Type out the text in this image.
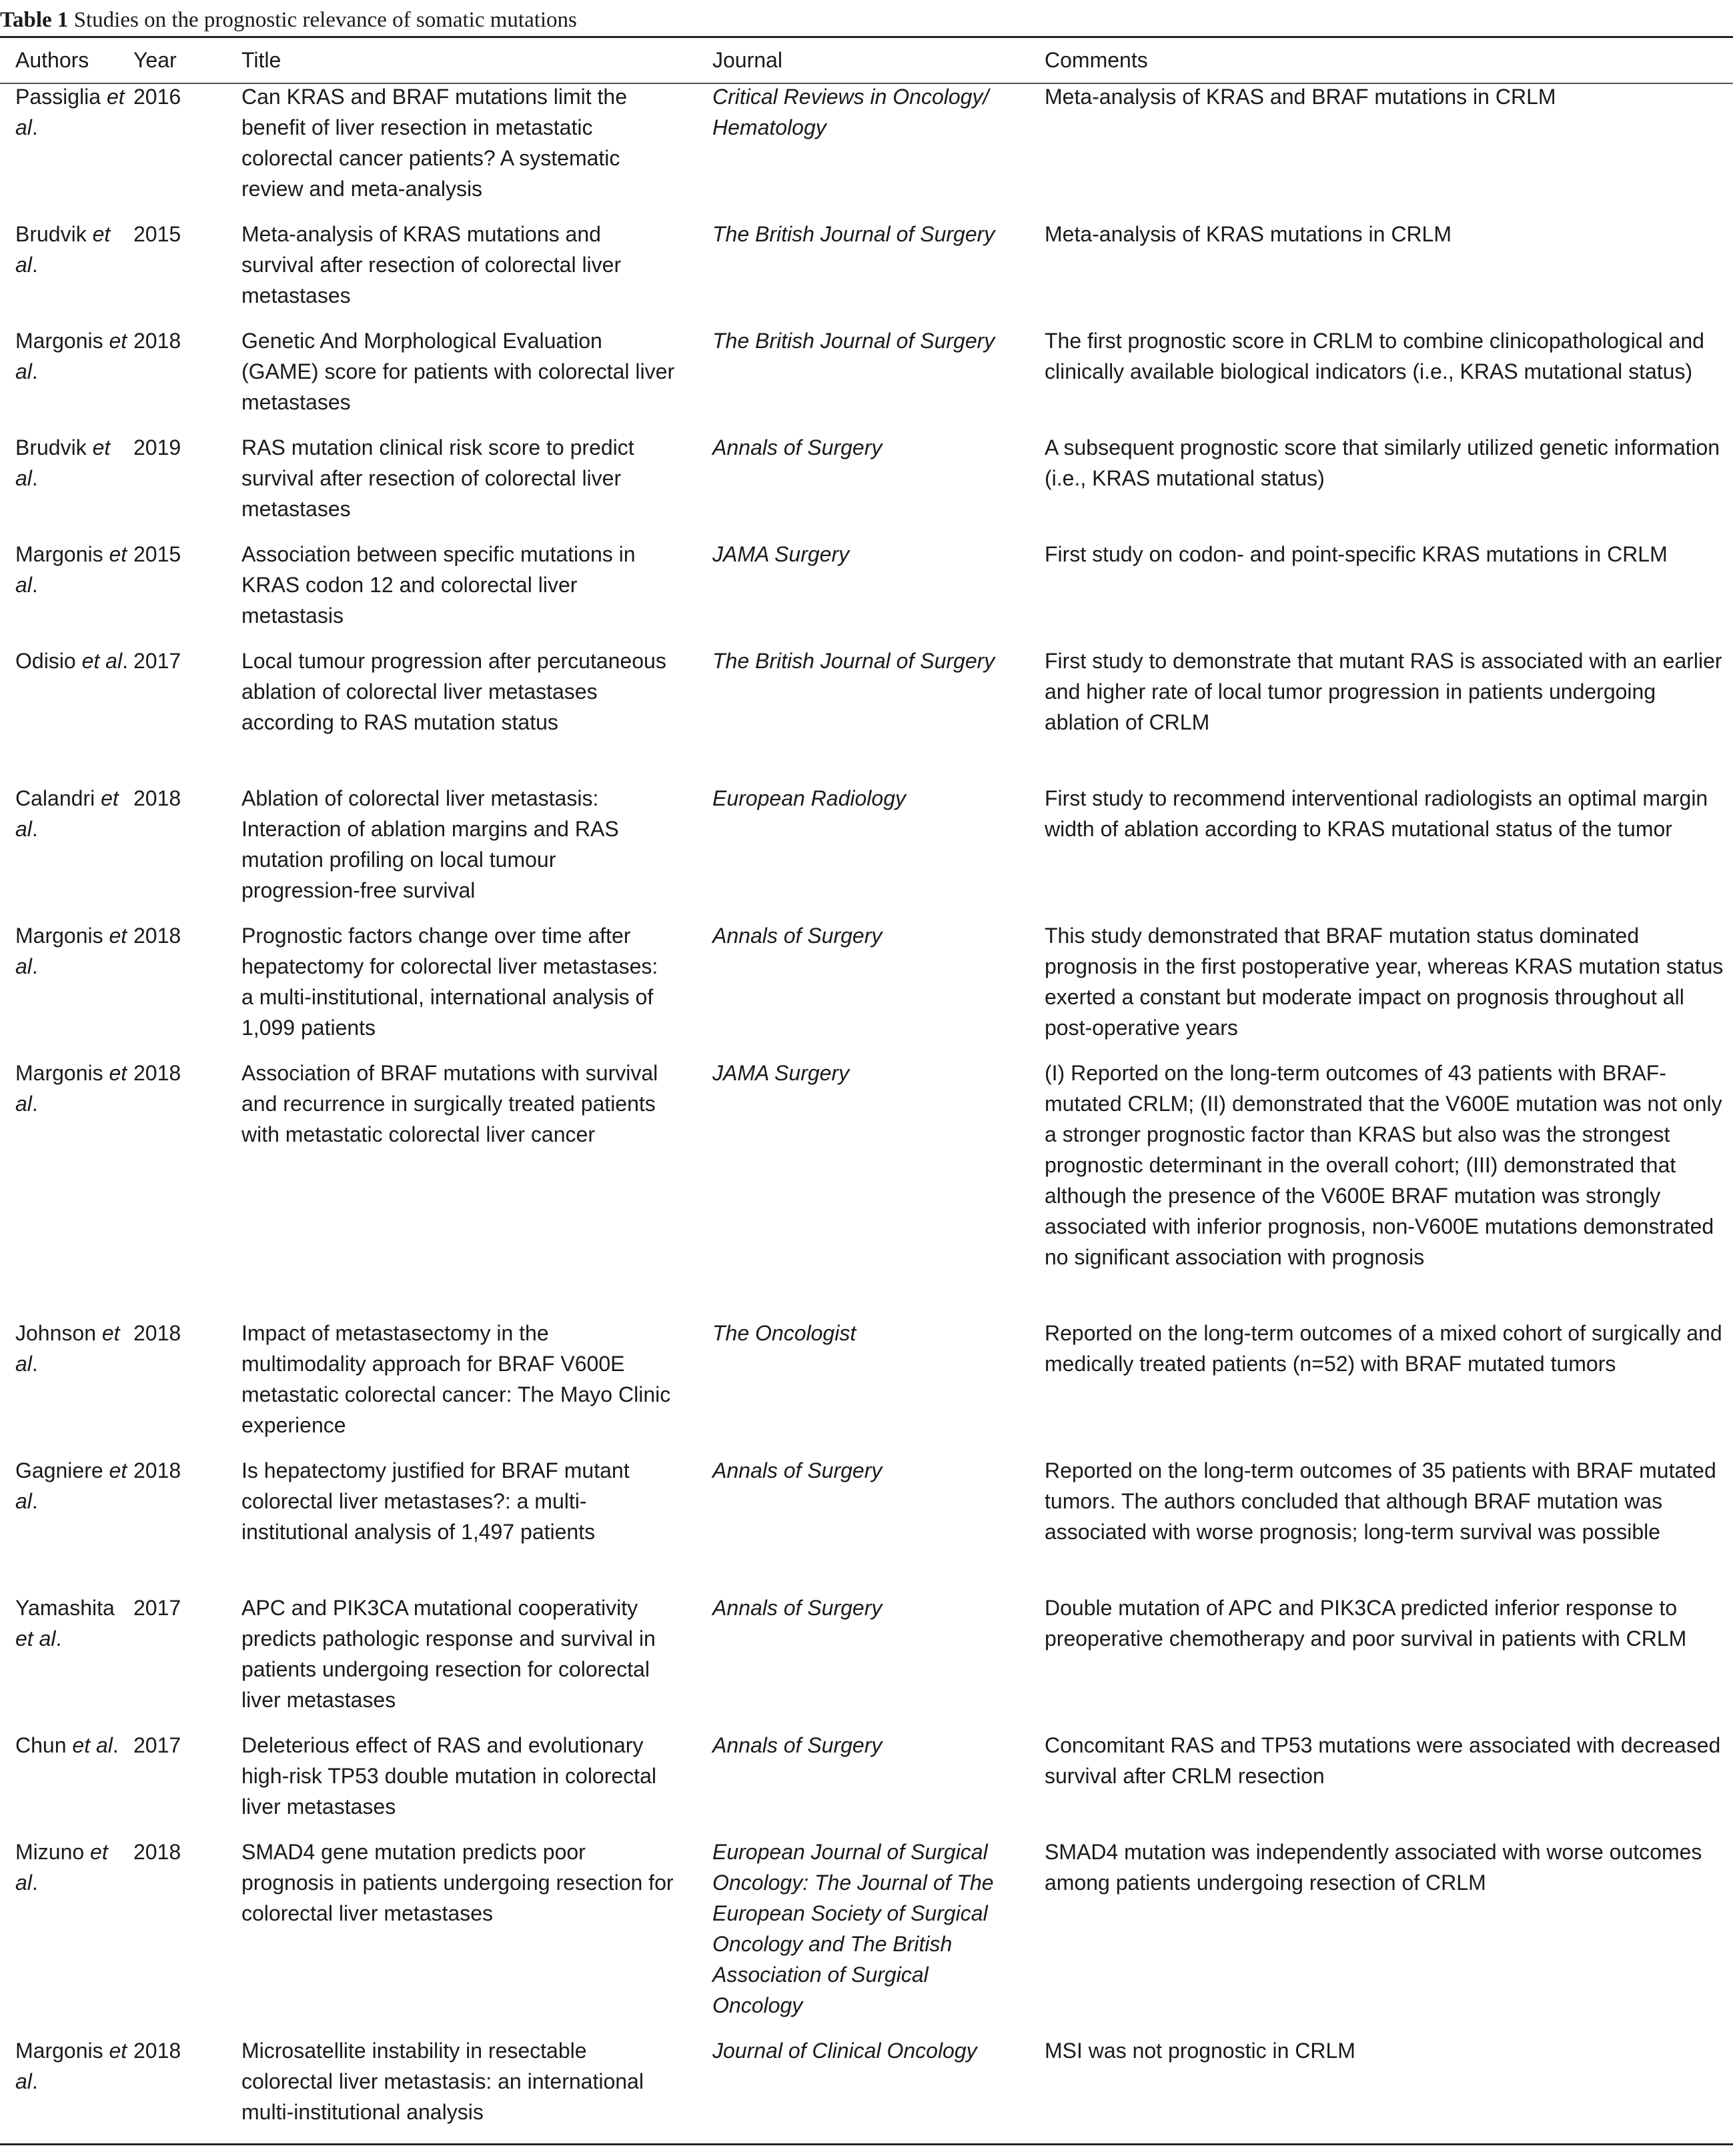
Table 1 Studies on the prognostic relevance of somatic mutations
Authors	Year	Title	Journal	Comments
Passiglia et al.	2016	Can KRAS and BRAF mutations limit the benefit of liver resection in metastatic colorectal cancer patients? A systematic review and meta-analysis	Critical Reviews in Oncology/ Hematology	Meta-analysis of KRAS and BRAF mutations in CRLM
Brudvik et al.	2015	Meta-analysis of KRAS mutations and survival after resection of colorectal liver metastases	The British Journal of Surgery	Meta-analysis of KRAS mutations in CRLM
Margonis et al.	2018	Genetic And Morphological Evaluation (GAME) score for patients with colorectal liver metastases	The British Journal of Surgery	The first prognostic score in CRLM to combine clinicopathological and clinically available biological indicators (i.e., KRAS mutational status)
Brudvik et al.	2019	RAS mutation clinical risk score to predict survival after resection of colorectal liver metastases	Annals of Surgery	A subsequent prognostic score that similarly utilized genetic information (i.e., KRAS mutational status)
Margonis et al.	2015	Association between specific mutations in KRAS codon 12 and colorectal liver metastasis	JAMA Surgery	First study on codon- and point-specific KRAS mutations in CRLM
Odisio et al.	2017	Local tumour progression after percutaneous ablation of colorectal liver metastases according to RAS mutation status	The British Journal of Surgery	First study to demonstrate that mutant RAS is associated with an earlier and higher rate of local tumor progression in patients undergoing ablation of CRLM
Calandri et al.	2018	Ablation of colorectal liver metastasis: Interaction of ablation margins and RAS mutation profiling on local tumour progression-free survival	European Radiology	First study to recommend interventional radiologists an optimal margin width of ablation according to KRAS mutational status of the tumor
Margonis et al.	2018	Prognostic factors change over time after hepatectomy for colorectal liver metastases: a multi-institutional, international analysis of 1,099 patients	Annals of Surgery	This study demonstrated that BRAF mutation status dominated prognosis in the first postoperative year, whereas KRAS mutation status exerted a constant but moderate impact on prognosis throughout all post-operative years
Margonis et al.	2018	Association of BRAF mutations with survival and recurrence in surgically treated patients with metastatic colorectal liver cancer	JAMA Surgery	(I) Reported on the long-term outcomes of 43 patients with BRAF-mutated CRLM; (II) demonstrated that the V600E mutation was not only a stronger prognostic factor than KRAS but also was the strongest prognostic determinant in the overall cohort; (III) demonstrated that although the presence of the V600E BRAF mutation was strongly associated with inferior prognosis, non-V600E mutations demonstrated no significant association with prognosis
Johnson et al.	2018	Impact of metastasectomy in the multimodality approach for BRAF V600E metastatic colorectal cancer: The Mayo Clinic experience	The Oncologist	Reported on the long-term outcomes of a mixed cohort of surgically and medically treated patients (n=52) with BRAF mutated tumors
Gagniere et al.	2018	Is hepatectomy justified for BRAF mutant colorectal liver metastases?: a multi-institutional analysis of 1,497 patients	Annals of Surgery	Reported on the long-term outcomes of 35 patients with BRAF mutated tumors. The authors concluded that although BRAF mutation was associated with worse prognosis; long-term survival was possible
Yamashita et al.	2017	APC and PIK3CA mutational cooperativity predicts pathologic response and survival in patients undergoing resection for colorectal liver metastases	Annals of Surgery	Double mutation of APC and PIK3CA predicted inferior response to preoperative chemotherapy and poor survival in patients with CRLM
Chun et al.	2017	Deleterious effect of RAS and evolutionary high-risk TP53 double mutation in colorectal liver metastases	Annals of Surgery	Concomitant RAS and TP53 mutations were associated with decreased survival after CRLM resection
Mizuno et al.	2018	SMAD4 gene mutation predicts poor prognosis in patients undergoing resection for colorectal liver metastases	European Journal of Surgical Oncology: The Journal of The European Society of Surgical Oncology and The British Association of Surgical Oncology	SMAD4 mutation was independently associated with worse outcomes among patients undergoing resection of CRLM
Margonis et al.	2018	Microsatellite instability in resectable colorectal liver metastasis: an international multi-institutional analysis	Journal of Clinical Oncology	MSI was not prognostic in CRLM
